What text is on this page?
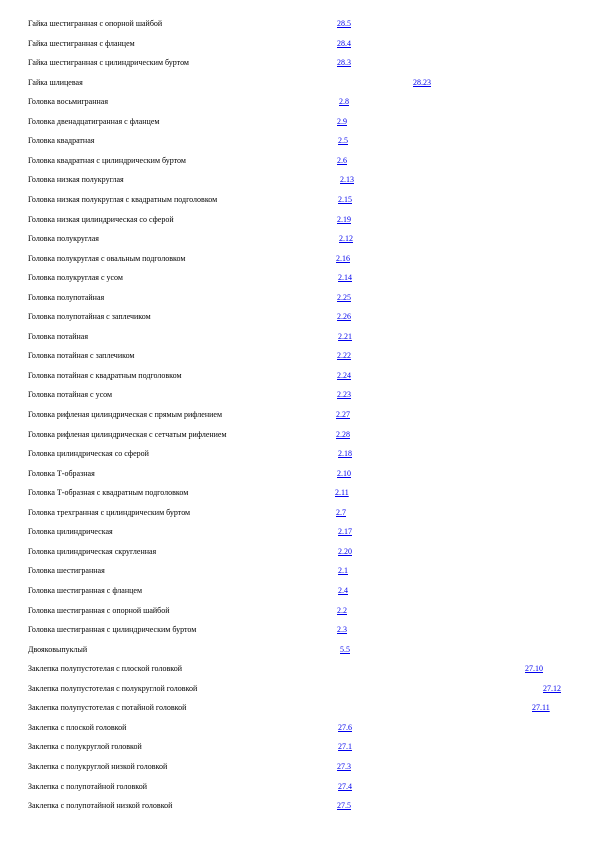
Гайка шестигранная с опорной шайбой	28.5
Гайка шестигранная с фланцем	28.4
Гайка шестигранная с цилиндрическим буртом	28.3
Гайка шлицевая	28.23
Головка восьмигранная	2.8
Головка двенадцатигранная с фланцем	2.9
Головка квадратная	2.5
Головка квадратная с цилиндрическим буртом	2.6
Головка низкая полукруглая	2.13
Головка низкая полукруглая с квадратным подголовком	2.15
Головка низкая цилиндрическая со сферой	2.19
Головка полукруглая	2.12
Головка полукруглая с овальным подголовком	2.16
Головка полукруглая с усом	2.14
Головка полупотайная	2.25
Головка полупотайная с заплечиком	2.26
Головка потайная	2.21
Головка потайная с заплечиком	2.22
Головка потайная с квадратным подголовком	2.24
Головка потайная с усом	2.23
Головка рифленая цилиндрическая с прямым рифлением	2.27
Головка рифленая цилиндрическая с сетчатым рифлением	2.28
Головка цилиндрическая со сферой	2.18
Головка Т-образная	2.10
Головка Т-образная с квадратным подголовком	2.11
Головка трехгранная с цилиндрическим буртом	2.7
Головка цилиндрическая	2.17
Головка цилиндрическая скругленная	2.20
Головка шестигранная	2.1
Головка шестигранная с фланцем	2.4
Головка шестигранная с опорной шайбой	2.2
Головка шестигранная с цилиндрическим буртом	2.3
Двояковыпуклый	5.5
Заклепка полупустотелая с плоской головкой	27.10
Заклепка полупустотелая с полукруглой головкой	27.12
Заклепка полупустотелая с потайной головкой	27.11
Заклепка с плоской головкой	27.6
Заклепка с полукруглой головкой	27.1
Заклепка с полукруглой низкой головкой	27.3
Заклепка с полупотайной головкой	27.4
Заклепка с полупотайной низкой головкой	27.5
